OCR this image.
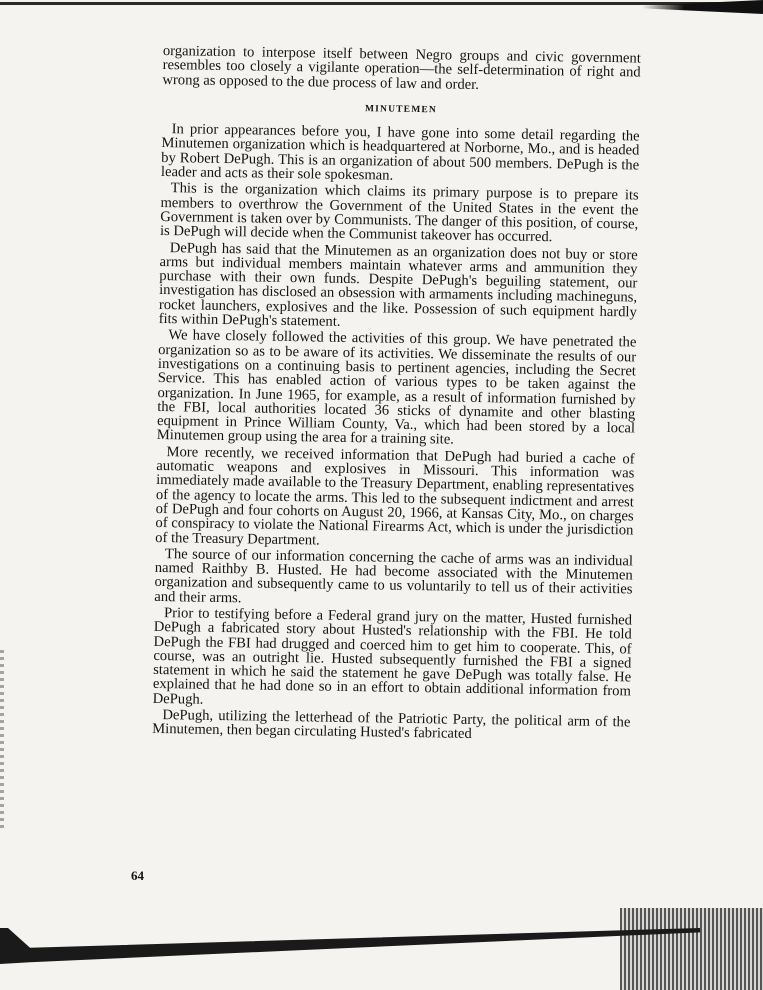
organization to interpose itself between Negro groups and civic government resembles too closely a vigilante operation—the self-determination of right and wrong as opposed to the due process of law and order.

MINUTEMEN

In prior appearances before you, I have gone into some detail regarding the Minutemen organization which is headquartered at Norborne, Mo., and is headed by Robert DePugh. This is an organization of about 500 members. DePugh is the leader and acts as their sole spokesman.

This is the organization which claims its primary purpose is to prepare its members to overthrow the Government of the United States in the event the Government is taken over by Communists. The danger of this position, of course, is DePugh will decide when the Communist takeover has occurred.

DePugh has said that the Minutemen as an organization does not buy or store arms but individual members maintain whatever arms and ammunition they purchase with their own funds. Despite DePugh's beguiling statement, our investigation has disclosed an obsession with armaments including machineguns, rocket launchers, explosives and the like. Possession of such equipment hardly fits within DePugh's statement.

We have closely followed the activities of this group. We have penetrated the organization so as to be aware of its activities. We disseminate the results of our investigations on a continuing basis to pertinent agencies, including the Secret Service. This has enabled action of various types to be taken against the organization. In June 1965, for example, as a result of information furnished by the FBI, local authorities located 36 sticks of dynamite and other blasting equipment in Prince William County, Va., which had been stored by a local Minutemen group using the area for a training site.

More recently, we received information that DePugh had buried a cache of automatic weapons and explosives in Missouri. This information was immediately made available to the Treasury Department, enabling representatives of the agency to locate the arms. This led to the subsequent indictment and arrest of DePugh and four cohorts on August 20, 1966, at Kansas City, Mo., on charges of conspiracy to violate the National Firearms Act, which is under the jurisdiction of the Treasury Department.

The source of our information concerning the cache of arms was an individual named Raithby B. Husted. He had become associated with the Minutemen organization and subsequently came to us voluntarily to tell us of their activities and their arms.

Prior to testifying before a Federal grand jury on the matter, Husted furnished DePugh a fabricated story about Husted's relationship with the FBI. He told DePugh the FBI had drugged and coerced him to get him to cooperate. This, of course, was an outright lie. Husted subsequently furnished the FBI a signed statement in which he said the statement he gave DePugh was totally false. He explained that he had done so in an effort to obtain additional information from DePugh.

DePugh, utilizing the letterhead of the Patriotic Party, the political arm of the Minutemen, then began circulating Husted's fabricated

64
